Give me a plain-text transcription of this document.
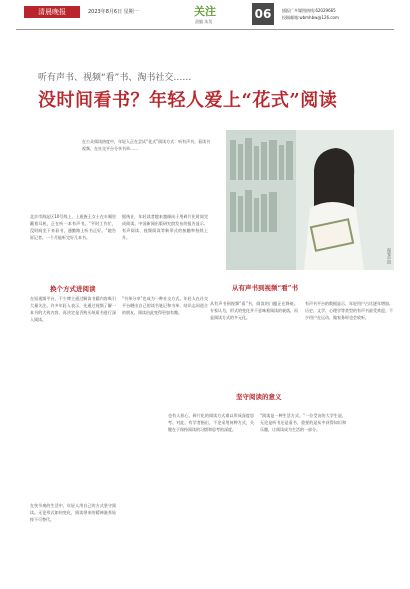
清晨晚报	2023年8月6日 星期一	关注
责编 朱昊
06	插报广多媒图热线:62029665
投稿邮箱:wbmhbw@126.com
听有声书、视频“看”书、淘书社交……
没时间看书？年轻人爱上“花式”阅读
在公众阅读热度中，年轻人正在尝试“花式”阅读方式：听有声书、看读书视频、在社交平台分享书单……
视觉中国
北京市海淀区10号线上，上班族王女士在车厢里戴着耳机，正在听一本有声书。“平时工作忙，没时间坐下来看书，通勤路上听书正好。”她告诉记者，一个月能听完好几本书。
据统计，年轻读者越来越倾向于用碎片化时间完成阅读。中国新闻出版研究院发布的报告显示，有声阅读、视频阅读等新形式的接触率持续上升。
换个方式进阅读
在短视频平台，不少博主通过解读书籍内容吸引大量关注。许多年轻人表示，先通过视频了解一本书的大致内容，再决定是否购买纸质书进行深入阅读。
“书单分享”也成为一种社交方式。年轻人在社交平台晒出自己的读书笔记和书单，结识志同道合的朋友，阅读由此变得更加有趣。
在快节奏的生活中，年轻人用自己的方式坚守阅读。无论形式如何变化，阅读带来的精神滋养始终不可替代。
从有声书到视频“看”书
从有声书到视频“看”书，阅读的门槛正在降低。专家认为，形式的变化并不意味着阅读的衰落，而是阅读方式的多元化。
有声书平台的数据显示，年轻用户占比逐年增加。历史、文学、心理学等类型的有声书最受欢迎，不少用户在运动、做家务时也会收听。
坚守阅读的意义
也有人担心，碎片化的阅读方式难以形成深度思考。对此，有学者指出，不论采用何种方式，关键在于保持阅读的习惯和思考的深度。
“阅读是一种生活方式。”一位受访的大学生说，无论是听书还是看书，重要的是从中获得知识和乐趣，让阅读成为生活的一部分。
